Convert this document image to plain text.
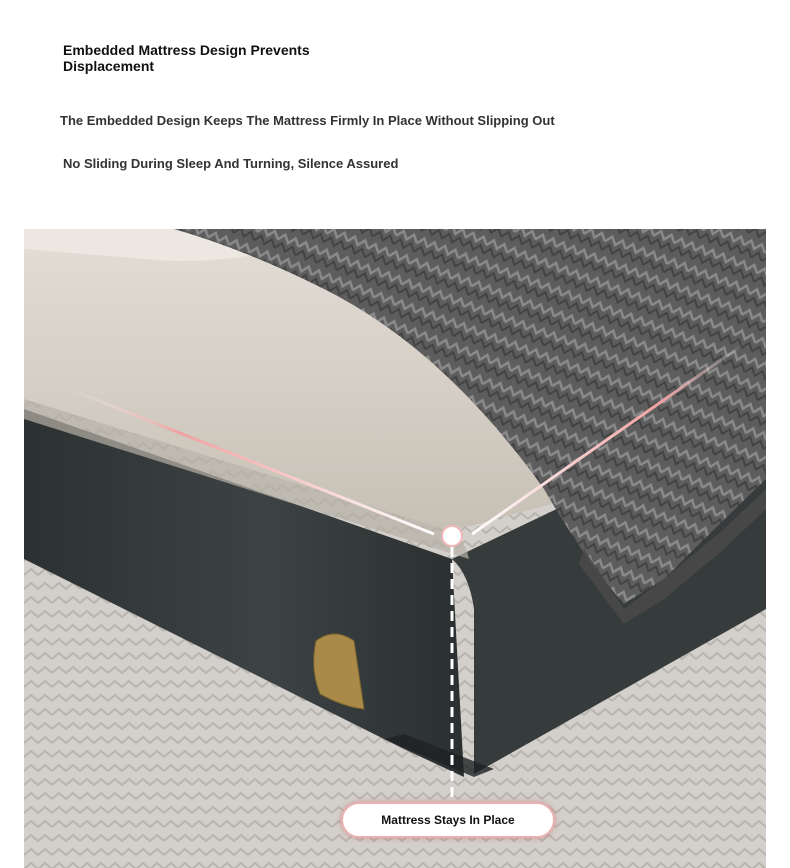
Embedded Mattress Design Prevents Displacement

The Embedded Design Keeps The Mattress Firmly In Place Without Slipping Out

No Sliding During Sleep And Turning, Silence Assured

Mattress Stays In Place
